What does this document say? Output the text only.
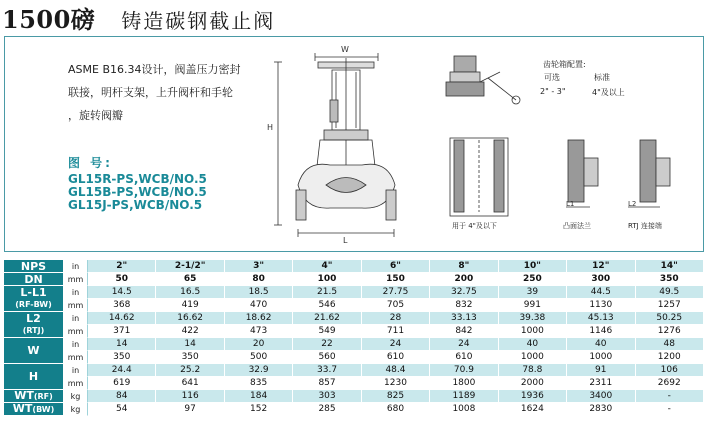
1500磅 铸造碳钢截止阀
ASME B16.34设计，阀盖压力密封
联接，明杆支架，上升阀杆和手轮
，旋转阀瓣
图 号:
GL15R-PS,WCB/NO.5
GL15B-PS,WCB/NO.5
GL15J-PS,WCB/NO.5
W
H
L
L1	L2
齿轮箱配置:
可选	标准
2" - 3"	4"及以上
用于 4"及以下	凸面法兰	RTJ 连接端
NPS	in	2"	2-1/2"	3"	4"	6"	8"	10"	12"	14"
DN	mm	50	65	80	100	150	200	250	300	350
L-L1
(RF-BW)	in	14.5	16.5	18.5	21.5	27.75	32.75	39	44.5	49.5
	mm	368	419	470	546	705	832	991	1130	1257
L2
(RTJ)	in	14.62	16.62	18.62	21.62	28	33.13	39.38	45.13	50.25
	mm	371	422	473	549	711	842	1000	1146	1276
W	in	14	14	20	22	24	24	40	40	48
	mm	350	350	500	560	610	610	1000	1000	1200
H	in	24.4	25.2	32.9	33.7	48.4	70.9	78.8	91	106
	mm	619	641	835	857	1230	1800	2000	2311	2692
WT(RF)	kg	84	116	184	303	825	1189	1936	3400	-
WT(BW)	kg	54	97	152	285	680	1008	1624	2830	-
